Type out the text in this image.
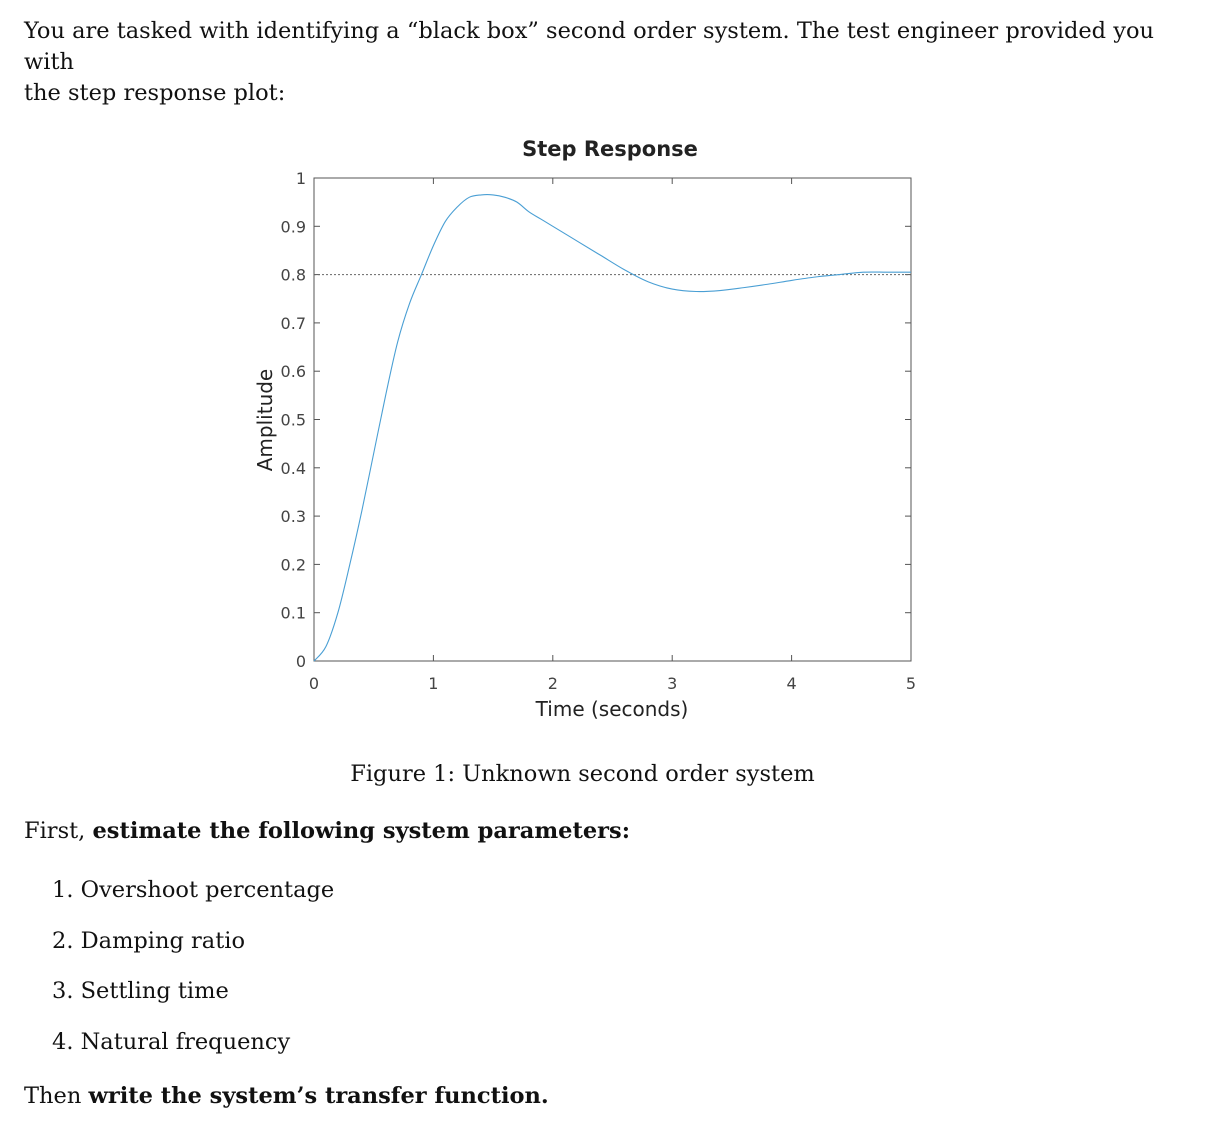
You are tasked with identifying a “black box” second order system. The test engineer provided you with
the step response plot:

Step Response
0
0.1
0.2
0.3
0.4
0.5
0.6
0.7
0.8
0.9
1
0	1	2	3	4	5
Time (seconds)
Amplitude
Figure 1: Unknown second order system

First, estimate the following system parameters:

1. Overshoot percentage
2. Damping ratio
3. Settling time
4. Natural frequency

Then write the system’s transfer function.
